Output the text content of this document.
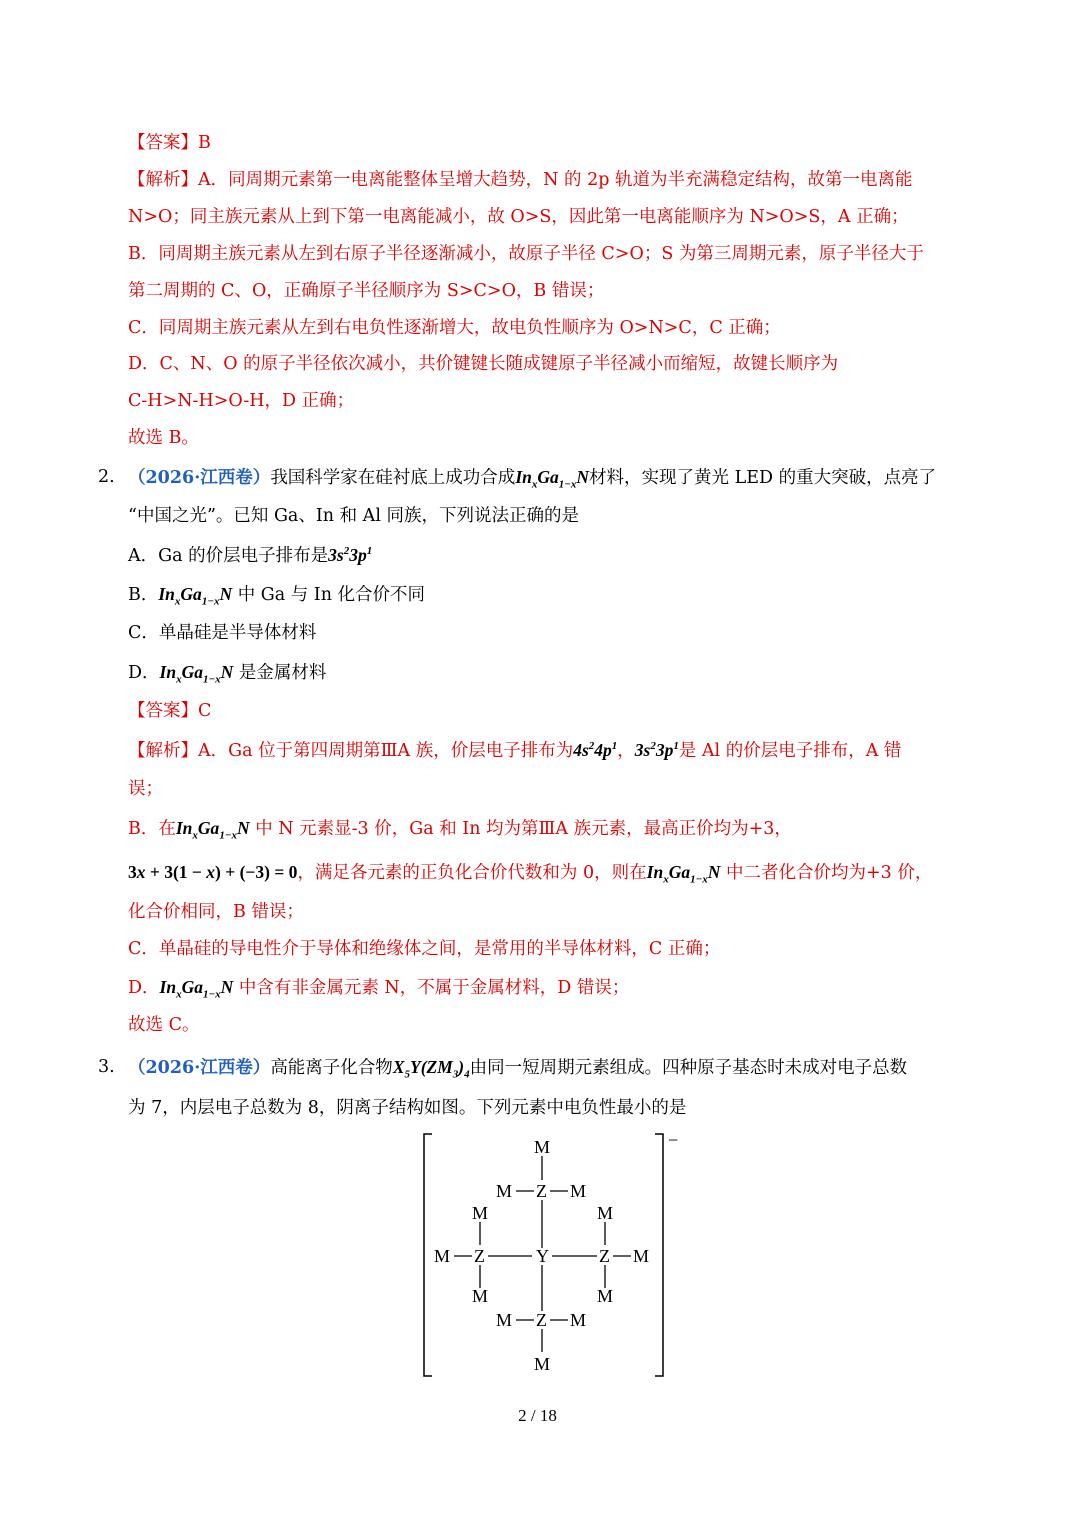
【答案】B
【解析】A．同周期元素第一电离能整体呈增大趋势，N 的 2p 轨道为半充满稳定结构，故第一电离能
N>O；同主族元素从上到下第一电离能减小，故 O>S，因此第一电离能顺序为 N>O>S，A 正确；
B．同周期主族元素从左到右原子半径逐渐减小，故原子半径 C>O；S 为第三周期元素，原子半径大于
第二周期的 C、O，正确原子半径顺序为 S>C>O，B 错误；
C．同周期主族元素从左到右电负性逐渐增大，故电负性顺序为 O>N>C，C 正确；
D．C、N、O 的原子半径依次减小，共价键键长随成键原子半径减小而缩短，故键长顺序为
C-H>N-H>O-H，D 正确；
故选 B。
2. （2026·江西卷）我国科学家在硅衬底上成功合成$In_xGa_{1-x}N$材料，实现了黄光 LED 的重大突破，点亮了
“中国之光”。已知 Ga、In 和 Al 同族，下列说法正确的是
A．Ga 的价层电子排布是$3s^23p^1$
B．$In_xGa_{1-x}N$ 中 Ga 与 In 化合价不同
C．单晶硅是半导体材料
D．$In_xGa_{1-x}N$ 是金属材料
【答案】C
【解析】A．Ga 位于第四周期第ⅢA 族，价层电子排布为$4s^24p^1$，$3s^23p^1$是 Al 的价层电子排布，A 错
误；
B．在$In_xGa_{1-x}N$ 中 N 元素显-3 价，Ga 和 In 均为第ⅢA 族元素，最高正价均为+3，
3x + 3(1 − x) + (−3) = 0，满足各元素的正负化合价代数和为 0，则在$In_xGa_{1-x}N$ 中二者化合价均为+3 价，
化合价相同，B 错误；
C．单晶硅的导电性介于导体和绝缘体之间，是常用的半导体材料，C 正确；
D．$In_xGa_{1-x}N$ 中含有非金属元素 N，不属于金属材料，D 错误；
故选 C。
3. （2026·江西卷）高能离子化合物$X_5Y(ZM_3)_4$由同一短周期元素组成。四种原子基态时未成对电子总数
为 7，内层电子总数为 8，阴离子结构如图。下列元素中电负性最小的是
−
Y
Z
Z	Z
Z
M
M	M
M	M
M	M
M	M
M	M
M
2 / 18
